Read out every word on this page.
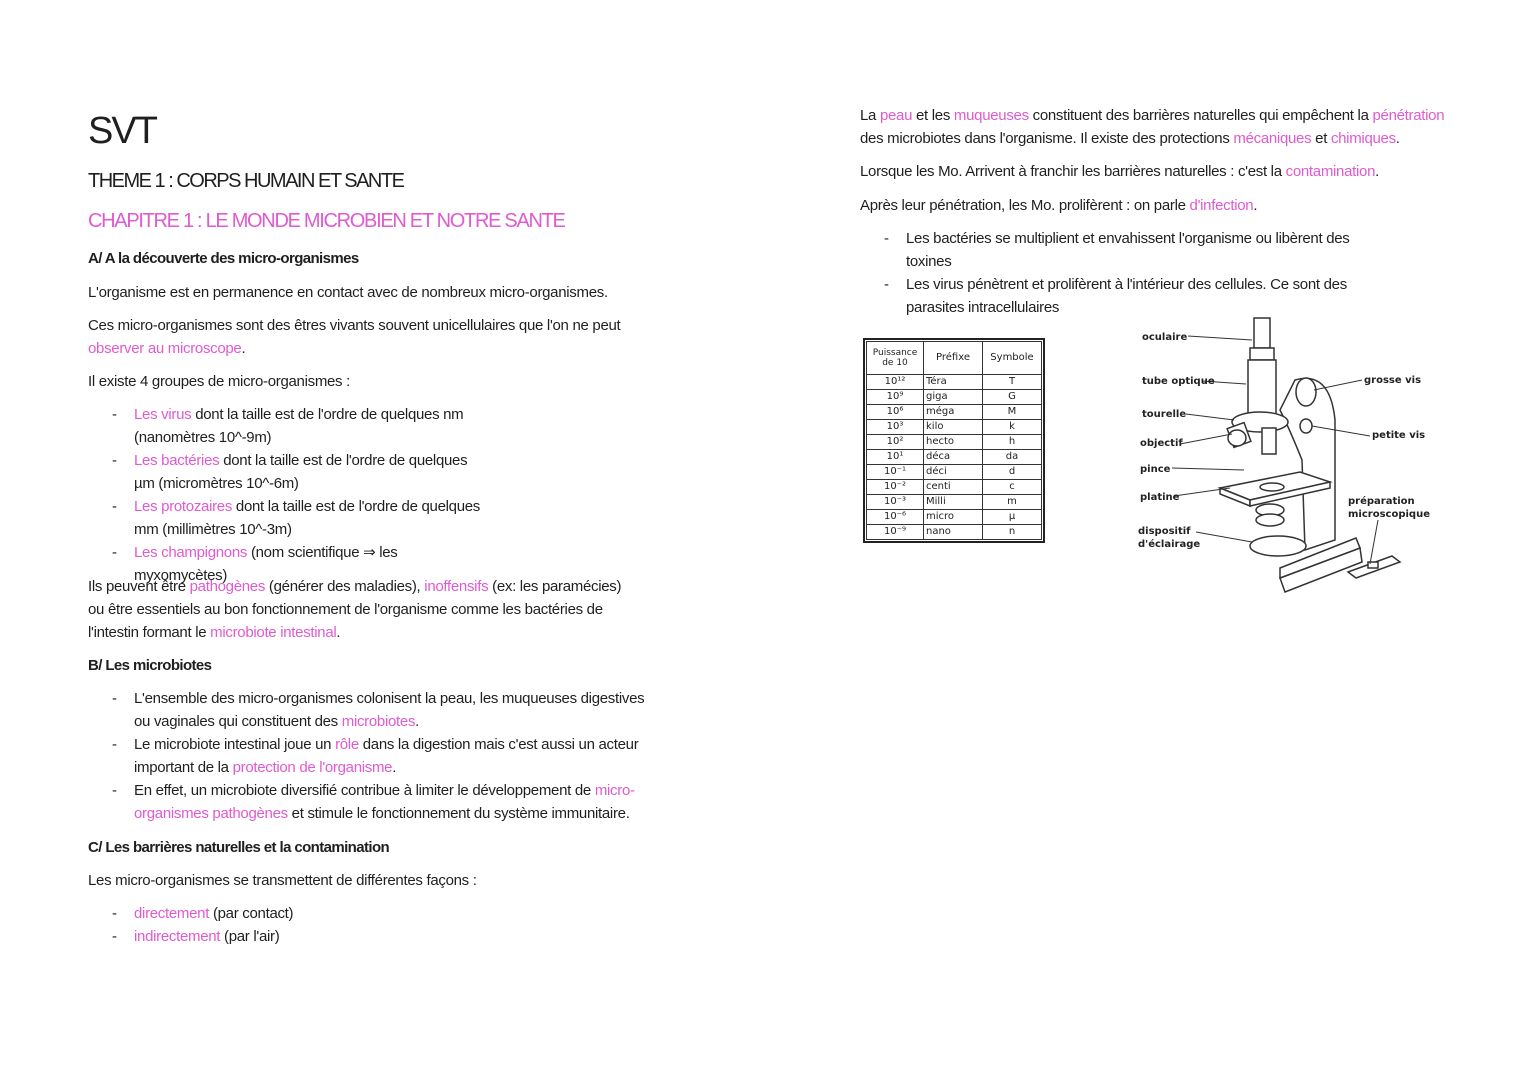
SVT
THEME 1 : CORPS HUMAIN ET SANTE
CHAPITRE 1 : LE MONDE MICROBIEN ET NOTRE SANTE
A/ A la découverte des micro-organismes
L'organisme est en permanence en contact avec de nombreux micro-organismes.
Ces micro-organismes sont des êtres vivants souvent unicellulaires que l'on ne peut observer au microscope.
Il existe 4 groupes de micro-organismes :
- Les virus dont la taille est de l'ordre de quelques nm (nanomètres 10^-9m)
- Les bactéries dont la taille est de l'ordre de quelques µm (micromètres 10^-6m)
- Les protozaires dont la taille est de l'ordre de quelques mm (millimètres 10^-3m)
- Les champignons (nom scientifique ⇒ les myxomycètes)
Ils peuvent être pathogènes (générer des maladies), inoffensifs (ex: les paramécies) ou être essentiels au bon fonctionnement de l'organisme comme les bactéries de l'intestin formant le microbiote intestinal.
B/ Les microbiotes
- L'ensemble des micro-organismes colonisent la peau, les muqueuses digestives ou vaginales qui constituent des microbiotes.
- Le microbiote intestinal joue un rôle dans la digestion mais c'est aussi un acteur important de la protection de l'organisme.
- En effet, un microbiote diversifié contribue à limiter le développement de micro-organismes pathogènes et stimule le fonctionnement du système immunitaire.
C/ Les barrières naturelles et la contamination
Les micro-organismes se transmettent de différentes façons :
- directement (par contact)
- indirectement (par l'air)
La peau et les muqueuses constituent des barrières naturelles qui empêchent la pénétration des microbiotes dans l'organisme. Il existe des protections mécaniques et chimiques.
Lorsque les Mo. Arrivent à franchir les barrières naturelles : c'est la contamination.
Après leur pénétration, les Mo. prolifèrent : on parle d'infection.
- Les bactéries se multiplient et envahissent l'organisme ou libèrent des toxines
- Les virus pénètrent et prolifèrent à l'intérieur des cellules. Ce sont des parasites intracellulaires
Puissance de 10	Préfixe	Symbole
10¹²	Téra	T
10⁹	giga	G
10⁶	méga	M
10³	kilo	k
10²	hecto	h
10¹	déca	da
10⁻¹	déci	d
10⁻²	centi	c
10⁻³	Milli	m
10⁻⁶	micro	µ
10⁻⁹	nano	n
oculaire
tube optique
tourelle
objectif
pince
platine
dispositif d'éclairage
grosse vis
petite vis
préparation microscopique
